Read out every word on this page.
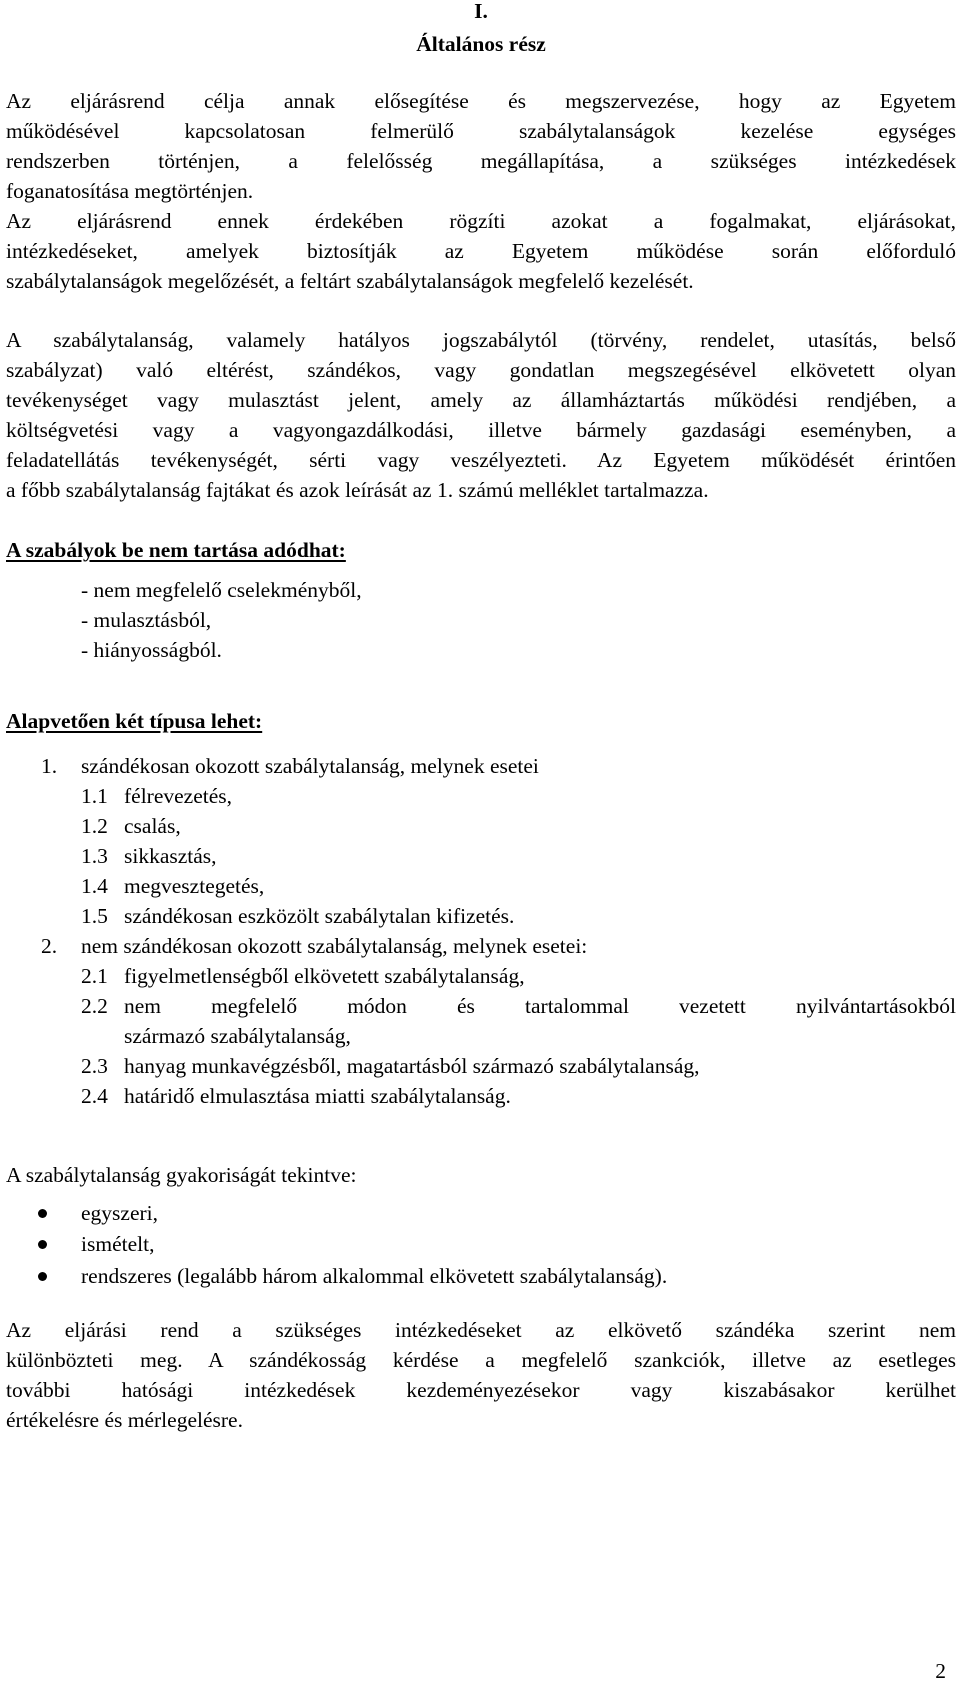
I.
Általános rész
Az eljárásrend célja annak elősegítése és megszervezése, hogy az Egyetem
működésével kapcsolatosan felmerülő szabálytalanságok kezelése egységes
rendszerben történjen, a felelősség megállapítása, a szükséges intézkedések
foganatosítása megtörténjen.
Az eljárásrend ennek érdekében rögzíti azokat a fogalmakat, eljárásokat,
intézkedéseket, amelyek biztosítják az Egyetem működése során előforduló
szabálytalanságok megelőzését, a feltárt szabálytalanságok megfelelő kezelését.
A szabálytalanság, valamely hatályos jogszabálytól (törvény, rendelet, utasítás, belső
szabályzat) való eltérést, szándékos, vagy gondatlan megszegésével elkövetett olyan
tevékenységet vagy mulasztást jelent, amely az államháztartás működési rendjében, a
költségvetési vagy a vagyongazdálkodási, illetve bármely gazdasági eseményben, a
feladatellátás tevékenységét, sérti vagy veszélyezteti. Az Egyetem működését érintően
a főbb szabálytalanság fajtákat és azok leírását az 1. számú melléklet tartalmazza.
A szabályok be nem tartása adódhat:
- nem megfelelő cselekményből,
- mulasztásból,
- hiányosságból.
Alapvetően két típusa lehet:
1. szándékosan okozott szabálytalanság, melynek esetei
1.1 félrevezetés,
1.2 csalás,
1.3 sikkasztás,
1.4 megvesztegetés,
1.5 szándékosan eszközölt szabálytalan kifizetés.
2. nem szándékosan okozott szabálytalanság, melynek esetei:
2.1 figyelmetlenségből elkövetett szabálytalanság,
2.2 nem megfelelő módon és tartalommal vezetett nyilvántartásokból
származó szabálytalanság,
2.3 hanyag munkavégzésből, magatartásból származó szabálytalanság,
2.4 határidő elmulasztása miatti szabálytalanság.
A szabálytalanság gyakoriságát tekintve:
egyszeri,
ismételt,
rendszeres (legalább három alkalommal elkövetett szabálytalanság).
Az eljárási rend a szükséges intézkedéseket az elkövető szándéka szerint nem
különbözteti meg. A szándékosság kérdése a megfelelő szankciók, illetve az esetleges
további hatósági intézkedések kezdeményezésekor vagy kiszabásakor kerülhet
értékelésre és mérlegelésre.
2
